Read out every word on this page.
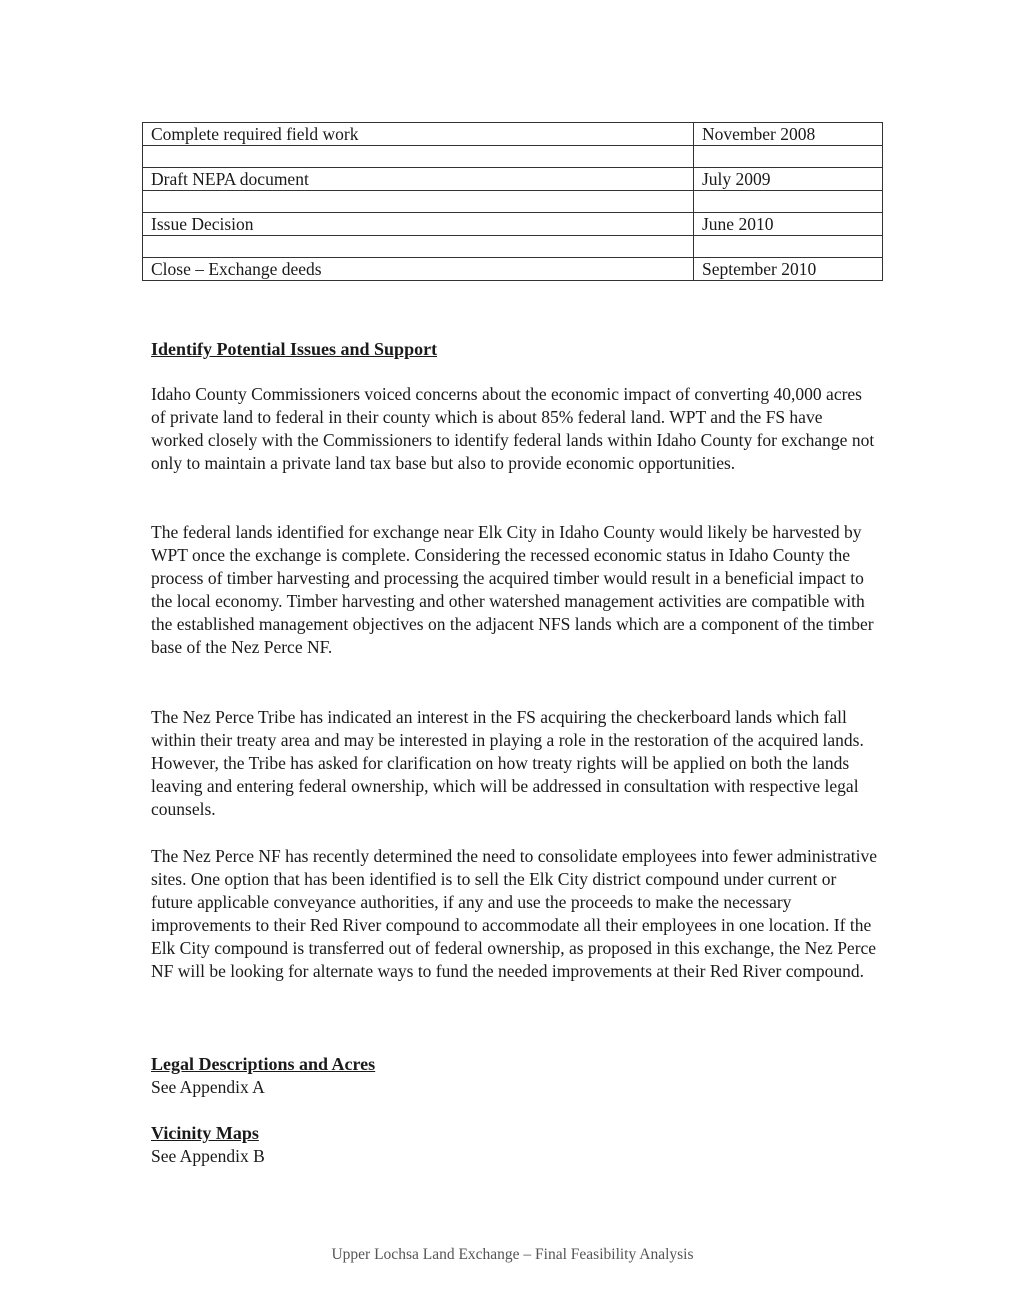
Complete required field work	November 2008

Draft NEPA document	July 2009

Issue Decision	June 2010

Close – Exchange deeds	September 2010
Identify Potential Issues and Support

Idaho County Commissioners voiced concerns about the economic impact of converting 40,000 acres of private land to federal in their county which is about 85% federal land. WPT and the FS have worked closely with the Commissioners to identify federal lands within Idaho County for exchange not only to maintain a private land tax base but also to provide economic opportunities.

The federal lands identified for exchange near Elk City in Idaho County would likely be harvested by WPT once the exchange is complete. Considering the recessed economic status in Idaho County the process of timber harvesting and processing the acquired timber would result in a beneficial impact to the local economy. Timber harvesting and other watershed management activities are compatible with the established management objectives on the adjacent NFS lands which are a component of the timber base of the Nez Perce NF.

The Nez Perce Tribe has indicated an interest in the FS acquiring the checkerboard lands which fall within their treaty area and may be interested in playing a role in the restoration of the acquired lands. However, the Tribe has asked for clarification on how treaty rights will be applied on both the lands leaving and entering federal ownership, which will be addressed in consultation with respective legal counsels.

The Nez Perce NF has recently determined the need to consolidate employees into fewer administrative sites. One option that has been identified is to sell the Elk City district compound under current or future applicable conveyance authorities, if any and use the proceeds to make the necessary improvements to their Red River compound to accommodate all their employees in one location. If the Elk City compound is transferred out of federal ownership, as proposed in this exchange, the Nez Perce NF will be looking for alternate ways to fund the needed improvements at their Red River compound.

Legal Descriptions and Acres

See Appendix A

Vicinity Maps

See Appendix B

Upper Lochsa Land Exchange – Final Feasibility Analysis
